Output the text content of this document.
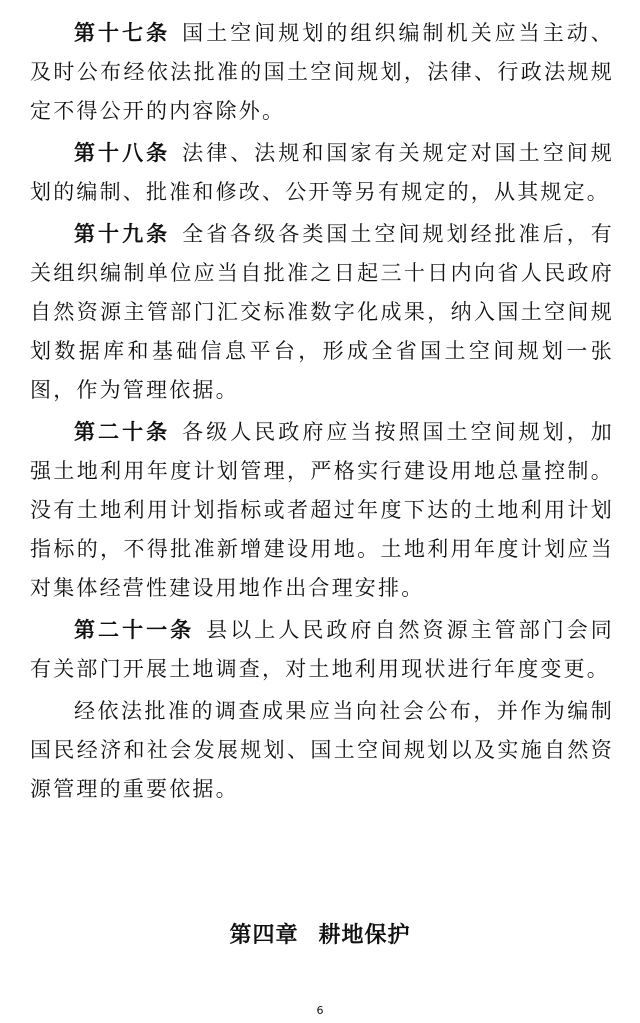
第十七条 国土空间规划的组织编制机关应当主动、及时公布经依法批准的国土空间规划，法律、行政法规规定不得公开的内容除外。

第十八条 法律、法规和国家有关规定对国土空间规划的编制、批准和修改、公开等另有规定的，从其规定。

第十九条 全省各级各类国土空间规划经批准后，有关组织编制单位应当自批准之日起三十日内向省人民政府自然资源主管部门汇交标准数字化成果，纳入国土空间规划数据库和基础信息平台，形成全省国土空间规划一张图，作为管理依据。

第二十条 各级人民政府应当按照国土空间规划，加强土地利用年度计划管理，严格实行建设用地总量控制。没有土地利用计划指标或者超过年度下达的土地利用计划指标的，不得批准新增建设用地。土地利用年度计划应当对集体经营性建设用地作出合理安排。

第二十一条 县以上人民政府自然资源主管部门会同有关部门开展土地调查，对土地利用现状进行年度变更。

经依法批准的调查成果应当向社会公布，并作为编制国民经济和社会发展规划、国土空间规划以及实施自然资源管理的重要依据。

第四章 耕地保护
6
